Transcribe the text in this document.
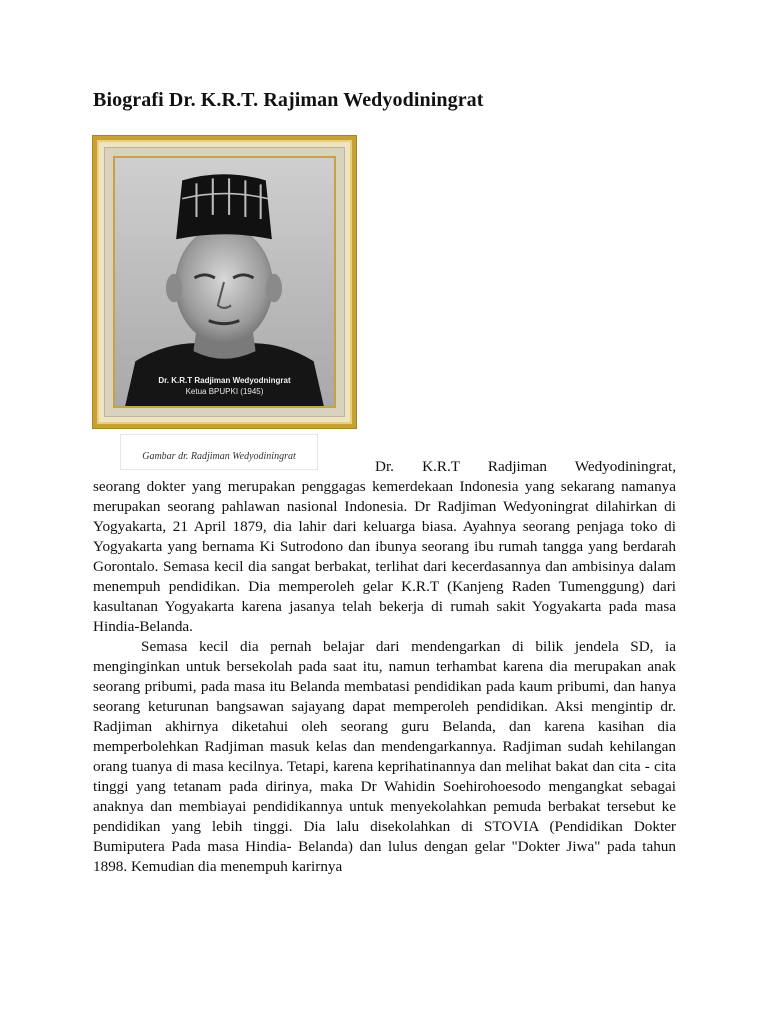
Biografi Dr. K.R.T. Rajiman Wedyodiningrat
Dr. K.R.T Radjiman Wedyodningrat
Ketua BPUPKI (1945)
Gambar dr. Radjiman Wedyodiningrat
Dr. K.R.T Radjiman Wedyodiningrat,

seorang dokter yang merupakan penggagas kemerdekaan Indonesia yang sekarang namanya merupakan seorang pahlawan nasional Indonesia. Dr Radjiman Wedyoningrat dilahirkan di Yogyakarta, 21 April 1879, dia lahir dari keluarga biasa. Ayahnya seorang penjaga toko di Yogyakarta yang bernama Ki Sutrodono dan ibunya seorang ibu rumah tangga yang berdarah Gorontalo. Semasa kecil dia sangat berbakat, terlihat dari kecerdasannya dan ambisinya dalam menempuh pendidikan. Dia memperoleh gelar K.R.T (Kanjeng Raden Tumenggung) dari kasultanan Yogyakarta karena jasanya telah bekerja di rumah sakit Yogyakarta pada masa Hindia-Belanda.

Semasa kecil dia pernah belajar dari mendengarkan di bilik jendela SD, ia menginginkan untuk bersekolah pada saat itu, namun terhambat karena dia merupakan anak seorang pribumi, pada masa itu Belanda membatasi pendidikan pada kaum pribumi, dan hanya seorang keturunan bangsawan sajayang dapat memperoleh pendidikan. Aksi mengintip dr. Radjiman akhirnya diketahui oleh seorang guru Belanda, dan karena kasihan dia memperbolehkan Radjiman masuk kelas dan mendengarkannya. Radjiman sudah kehilangan orang tuanya di masa kecilnya. Tetapi, karena keprihatinannya dan melihat bakat dan cita - cita tinggi yang tetanam pada dirinya, maka Dr Wahidin Soehirohoesodo mengangkat sebagai anaknya dan membiayai pendidikannya untuk menyekolahkan pemuda berbakat tersebut ke pendidikan yang lebih tinggi. Dia lalu disekolahkan di STOVIA (Pendidikan Dokter Bumiputera Pada masa Hindia- Belanda) dan lulus dengan gelar "Dokter Jiwa" pada tahun 1898. Kemudian dia menempuh karirnya
